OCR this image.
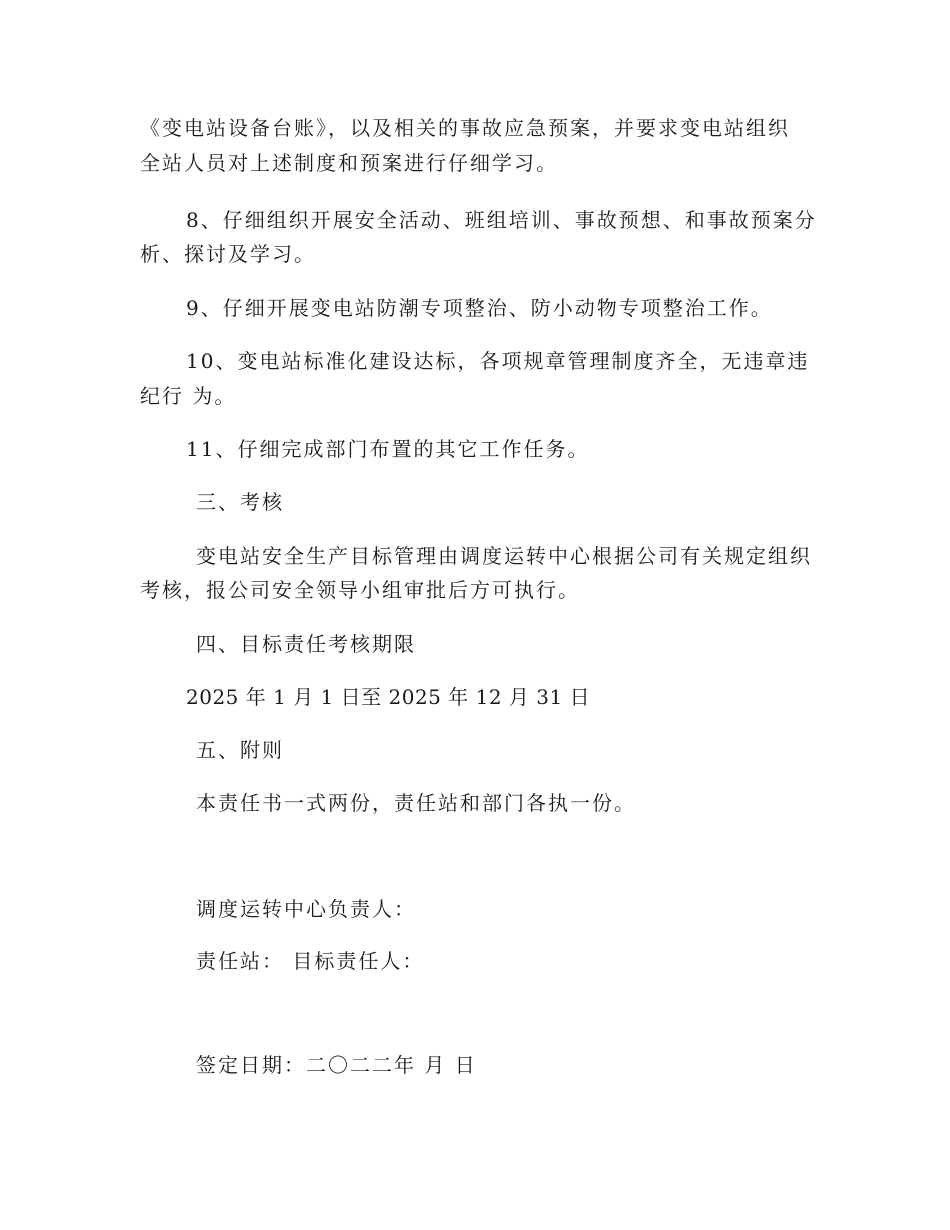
《变电站设备台账》，以及相关的事故应急预案，并要求变电站组织
全站人员对上述制度和预案进行仔细学习。
8、仔细组织开展安全活动、班组培训、事故预想、和事故预案分
析、探讨及学习。
9、仔细开展变电站防潮专项整治、防小动物专项整治工作。
10、变电站标准化建设达标，各项规章管理制度齐全，无违章违
纪行 为。
11、仔细完成部门布置的其它工作任务。
三、考核
变电站安全生产目标管理由调度运转中心根据公司有关规定组织
考核，报公司安全领导小组审批后方可执行。
四、目标责任考核期限
2025 年 1 月 1 日至 2025 年 12 月 31 日
五、附则
本责任书一式两份，责任站和部门各执一份。
调度运转中心负责人：
责任站： 目标责任人：
签定日期：二〇二二年 月 日
